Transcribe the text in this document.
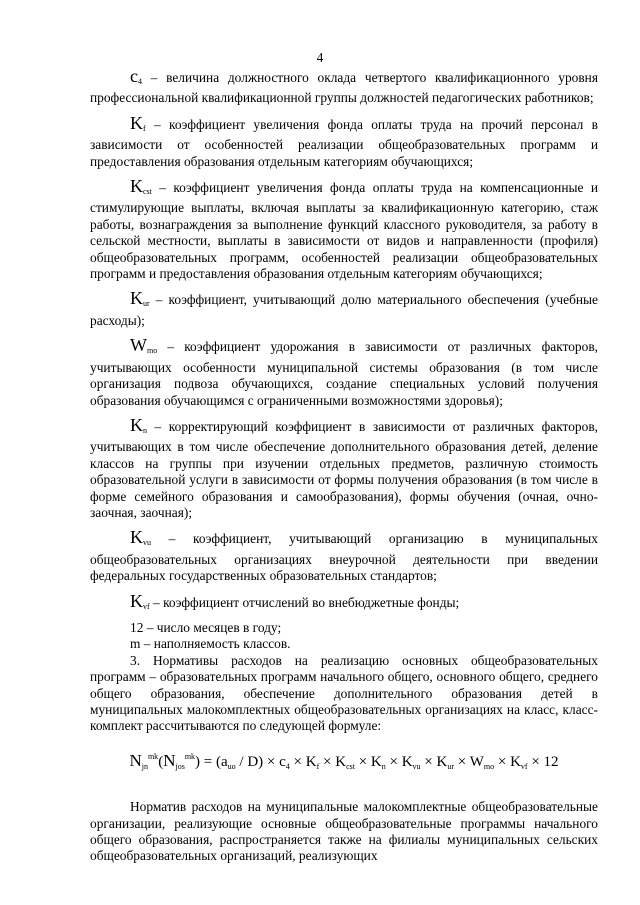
4

$с_4$ – величина должностного оклада четвертого квалификационного уровня профессиональной квалификационной группы должностей педагогических работников;

$K_f$ – коэффициент увеличения фонда оплаты труда на прочий персонал в зависимости от особенностей реализации общеобразовательных программ и предоставления образования отдельным категориям обучающихся;

$K_{cst}$ – коэффициент увеличения фонда оплаты труда на компенсационные и стимулирующие выплаты, включая выплаты за квалификационную категорию, стаж работы, вознаграждения за выполнение функций классного руководителя, за работу в сельской местности, выплаты в зависимости от видов и направленности (профиля) общеобразовательных программ, особенностей реализации общеобразовательных программ и предоставления образования отдельным категориям обучающихся;

$K_{ur}$ – коэффициент, учитывающий долю материального обеспечения (учебные расходы);

$W_{mo}$ – коэффициент удорожания в зависимости от различных факторов, учитывающих особенности муниципальной системы образования (в том числе организация подвоза обучающихся, создание специальных условий получения образования обучающимся с ограниченными возможностями здоровья);

$K_n$ – корректирующий коэффициент в зависимости от различных факторов, учитывающих в том числе обеспечение дополнительного образования детей, деление классов на группы при изучении отдельных предметов, различную стоимость образовательной услуги в зависимости от формы получения образования (в том числе в форме семейного образования и самообразования), формы обучения (очная, очно-заочная, заочная);

$K_{vu}$ – коэффициент, учитывающий организацию в муниципальных общеобразовательных организациях внеурочной деятельности при введении федеральных государственных образовательных стандартов;

$K_{vf}$ – коэффициент отчислений во внебюджетные фонды;

12 – число месяцев в году;

m – наполняемость классов.

3. Нормативы расходов на реализацию основных общеобразовательных программ – образовательных программ начального общего, основного общего, среднего общего образования, обеспечение дополнительного образования детей в муниципальных малокомплектных общеобразовательных организациях на класс, класс-комплект рассчитываются по следующей формуле:

$N_{jn}^{mk}(N_{jos}^{mk}) = (a_{uo} / D) \times c_4 \times K_f \times K_{cst} \times K_n \times K_{vu} \times K_{ur} \times W_{mo} \times K_{vf} \times 12$

Норматив расходов на муниципальные малокомплектные общеобразовательные организации, реализующие основные общеобразовательные программы начального общего образования, распространяется также на филиалы муниципальных сельских общеобразовательных организаций, реализующих
